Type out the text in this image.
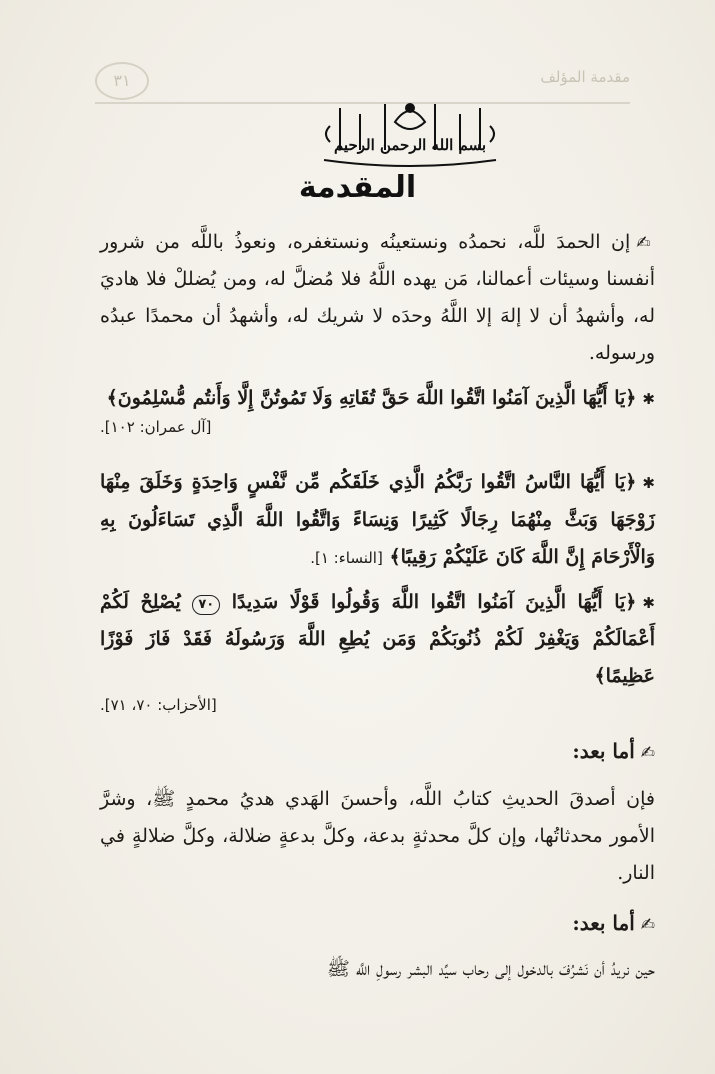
٣١	مقدمة المؤلف
بسم الله الرحمن الرحيم
المقدمة

✍إن الحمدَ للَّه، نحمدُه ونستعينُه ونستغفره، ونعوذُ باللَّه من شرور أنفسنا وسيئات أعمالنا، مَن يهده اللَّهُ فلا مُضلَّ له، ومن يُضللْ فلا هاديَ له، وأشهدُ أن لا إلهَ إلا اللَّهُ وحدَه لا شريك له، وأشهدُ أن محمدًا عبدُه ورسوله.

✱﴿يَا أَيُّهَا الَّذِينَ آمَنُوا اتَّقُوا اللَّهَ حَقَّ تُقَاتِهِ وَلَا تَمُوتُنَّ إِلَّا وَأَنتُم مُّسْلِمُونَ﴾

[آل عمران: ١٠٢].

✱﴿يَا أَيُّهَا النَّاسُ اتَّقُوا رَبَّكُمُ الَّذِي خَلَقَكُم مِّن نَّفْسٍ وَاحِدَةٍ وَخَلَقَ مِنْهَا زَوْجَهَا وَبَثَّ مِنْهُمَا رِجَالًا كَثِيرًا وَنِسَاءً وَاتَّقُوا اللَّهَ الَّذِي تَسَاءَلُونَ بِهِ وَالْأَرْحَامَ إِنَّ اللَّهَ كَانَ عَلَيْكُمْ رَقِيبًا﴾ [النساء: ١].

✱﴿يَا أَيُّهَا الَّذِينَ آمَنُوا اتَّقُوا اللَّهَ وَقُولُوا قَوْلًا سَدِيدًا ٧٠ يُصْلِحْ لَكُمْ أَعْمَالَكُمْ وَيَغْفِرْ لَكُمْ ذُنُوبَكُمْ وَمَن يُطِعِ اللَّهَ وَرَسُولَهُ فَقَدْ فَازَ فَوْزًا عَظِيمًا﴾

[الأحزاب: ٧٠، ٧١].

✍أما بعد:

فإن أصدقَ الحديثِ كتابُ اللَّه، وأحسنَ الهَدي هديُ محمدٍ ﷺ، وشرَّ الأمور محدثاتُها، وإن كلَّ محدثةٍ بدعة، وكلَّ بدعةٍ ضلالة، وكلَّ ضلالةٍ في النار.

✍أما بعد:

حين نريدُ أن نَشرُفَ بالدخول إلى رحاب سيِّد البشر رسولِ اللَّه ﷺ
